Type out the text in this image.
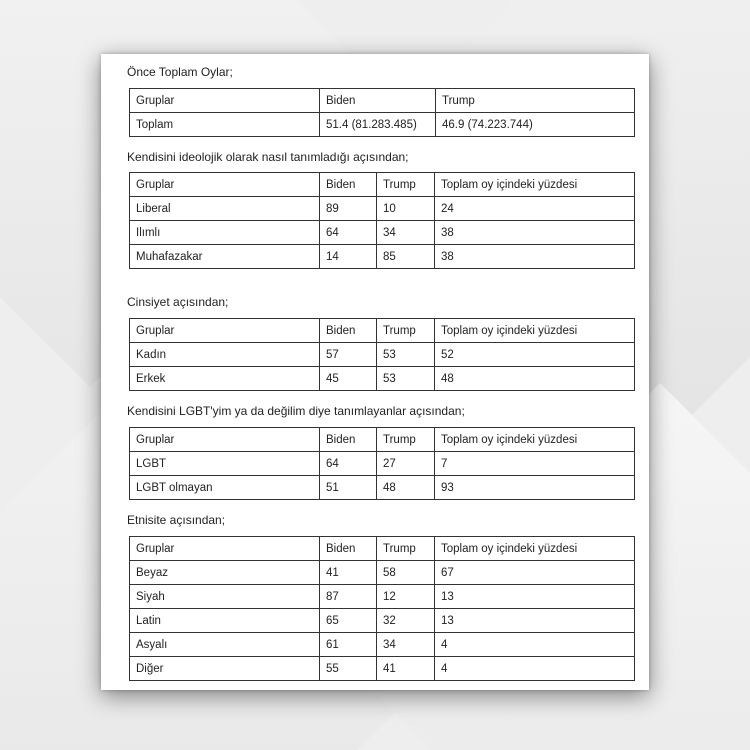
Önce Toplam Oylar;
Gruplar	Biden	Trump
Toplam	51.4 (81.283.485)	46.9 (74.223.744)
Kendisini ideolojik olarak nasıl tanımladığı açısından;
Gruplar	Biden	Trump	Toplam oy içindeki yüzdesi
Liberal	89	10	24
Ilımlı	64	34	38
Muhafazakar	14	85	38
Cinsiyet açısından;
Gruplar	Biden	Trump	Toplam oy içindeki yüzdesi
Kadın	57	53	52
Erkek	45	53	48
Kendisini LGBT'yim ya da değilim diye tanımlayanlar açısından;
Gruplar	Biden	Trump	Toplam oy içindeki yüzdesi
LGBT	64	27	7
LGBT olmayan	51	48	93
Etnisite açısından;
Gruplar	Biden	Trump	Toplam oy içindeki yüzdesi
Beyaz	41	58	67
Siyah	87	12	13
Latin	65	32	13
Asyalı	61	34	4
Diğer	55	41	4
